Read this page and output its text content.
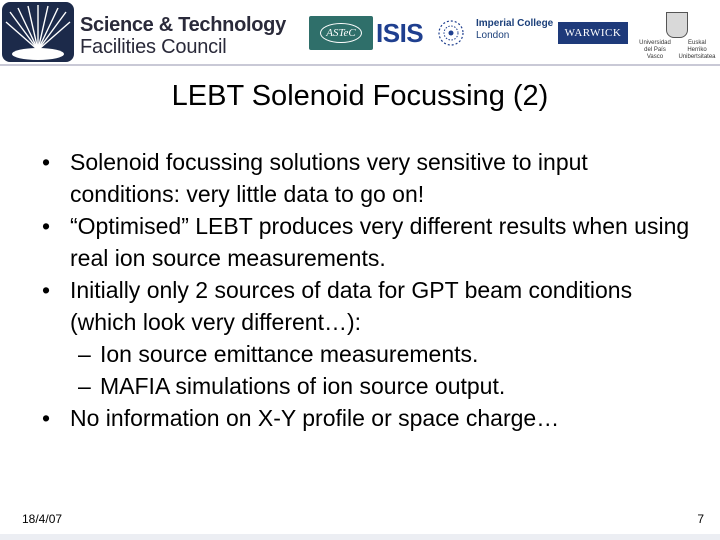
Science & Technology
Facilities Council
ASTeC ISIS	Imperial College
London	WARWICK
Universidad del País Vasco
Euskal Herriko Unibertsitatea
LEBT Solenoid Focussing (2)
• Solenoid focussing solutions very sensitive to input conditions: very little data to go on!
• “Optimised” LEBT produces very different results when using real ion source measurements.
• Initially only 2 sources of data for GPT beam conditions (which look very different…):
– Ion source emittance measurements.
– MAFIA simulations of ion source output.
• No information on X-Y profile or space charge…
18/4/07	7
